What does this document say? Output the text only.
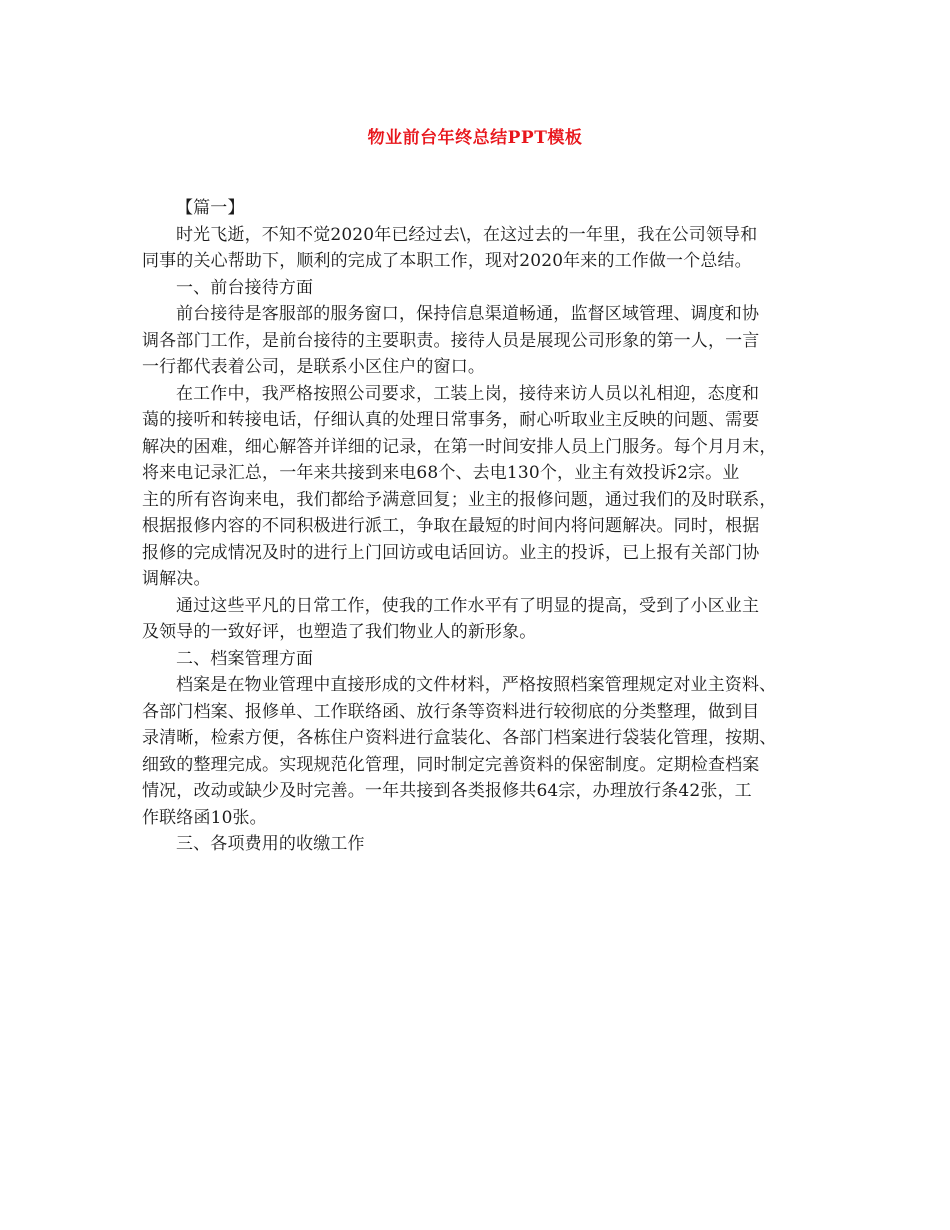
物业前台年终总结PPT模板
【篇一】
时光飞逝，不知不觉2020年已经过去\，在这过去的一年里，我在公司领导和
同事的关心帮助下，顺利的完成了本职工作，现对2020年来的工作做一个总结。
一、前台接待方面
前台接待是客服部的服务窗口，保持信息渠道畅通，监督区域管理、调度和协
调各部门工作，是前台接待的主要职责。接待人员是展现公司形象的第一人，一言
一行都代表着公司，是联系小区住户的窗口。
在工作中，我严格按照公司要求，工装上岗，接待来访人员以礼相迎，态度和
蔼的接听和转接电话，仔细认真的处理日常事务，耐心听取业主反映的问题、需要
解决的困难，细心解答并详细的记录，在第一时间安排人员上门服务。每个月月末，
将来电记录汇总，一年来共接到来电68个、去电130个，业主有效投诉2宗。业
主的所有咨询来电，我们都给予满意回复；业主的报修问题，通过我们的及时联系，
根据报修内容的不同积极进行派工，争取在最短的时间内将问题解决。同时，根据
报修的完成情况及时的进行上门回访或电话回访。业主的投诉，已上报有关部门协
调解决。
通过这些平凡的日常工作，使我的工作水平有了明显的提高，受到了小区业主
及领导的一致好评，也塑造了我们物业人的新形象。
二、档案管理方面
档案是在物业管理中直接形成的文件材料，严格按照档案管理规定对业主资料、
各部门档案、报修单、工作联络函、放行条等资料进行较彻底的分类整理，做到目
录清晰，检索方便，各栋住户资料进行盒装化、各部门档案进行袋装化管理，按期、
细致的整理完成。实现规范化管理，同时制定完善资料的保密制度。定期检查档案
情况，改动或缺少及时完善。一年共接到各类报修共64宗，办理放行条42张，工
作联络函10张。
三、各项费用的收缴工作
